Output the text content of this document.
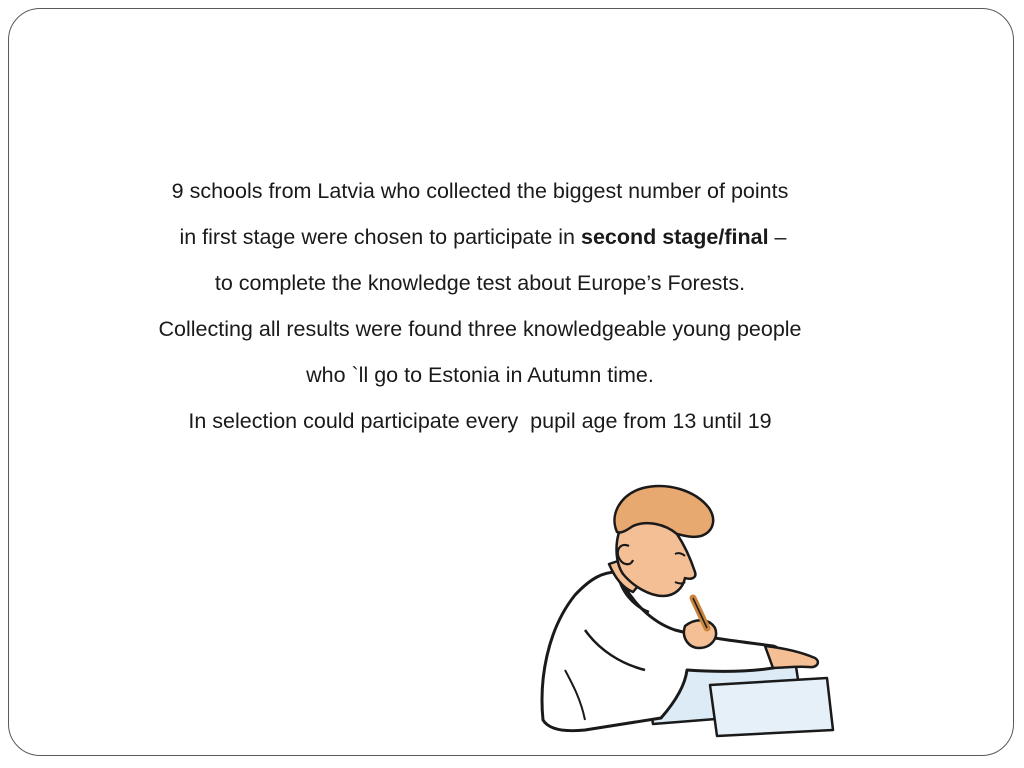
9 schools from Latvia who collected the biggest number of points
in first stage were chosen to participate in second stage/final –
to complete the knowledge test about Europe’s Forests.
Collecting all results were found three knowledgeable young people
who `ll go to Estonia in Autumn time.
In selection could participate every  pupil age from 13 until 19
